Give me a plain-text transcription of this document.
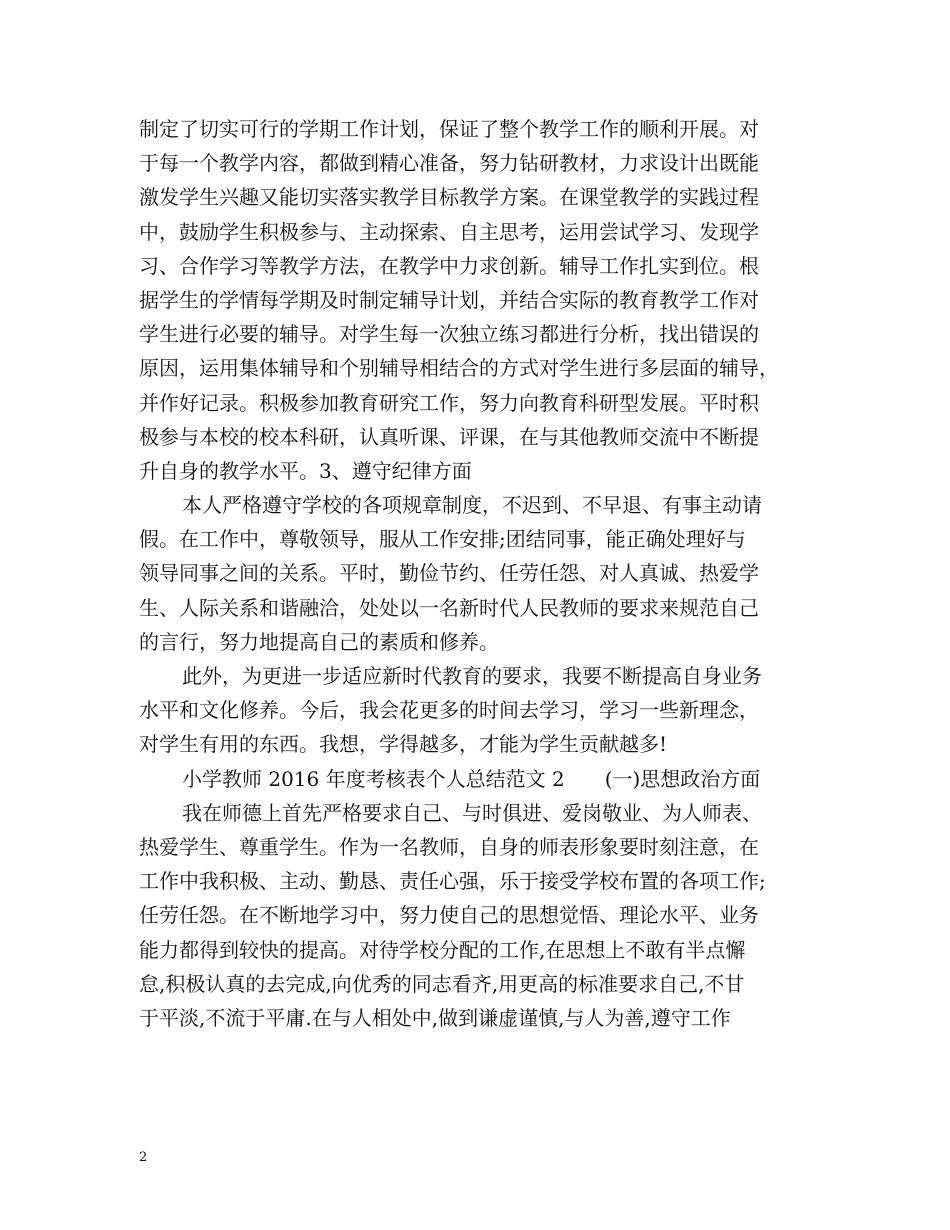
制定了切实可行的学期工作计划，保证了整个教学工作的顺利开展。对
于每一个教学内容，都做到精心准备，努力钻研教材，力求设计出既能
激发学生兴趣又能切实落实教学目标教学方案。在课堂教学的实践过程
中，鼓励学生积极参与、主动探索、自主思考，运用尝试学习、发现学
习、合作学习等教学方法，在教学中力求创新。辅导工作扎实到位。根
据学生的学情每学期及时制定辅导计划，并结合实际的教育教学工作对
学生进行必要的辅导。对学生每一次独立练习都进行分析，找出错误的
原因，运用集体辅导和个别辅导相结合的方式对学生进行多层面的辅导，
并作好记录。积极参加教育研究工作，努力向教育科研型发展。平时积
极参与本校的校本科研，认真听课、评课，在与其他教师交流中不断提
升自身的教学水平。3、遵守纪律方面
本人严格遵守学校的各项规章制度，不迟到、不早退、有事主动请
假。在工作中，尊敬领导，服从工作安排;团结同事，能正确处理好与
领导同事之间的关系。平时，勤俭节约、任劳任怨、对人真诚、热爱学
生、人际关系和谐融洽，处处以一名新时代人民教师的要求来规范自己
的言行，努力地提高自己的素质和修养。
此外，为更进一步适应新时代教育的要求，我要不断提高自身业务
水平和文化修养。今后，我会花更多的时间去学习，学习一些新理念，
对学生有用的东西。我想，学得越多，才能为学生贡献越多!
小学教师 2016 年度考核表个人总结范文 2　　(一)思想政治方面
我在师德上首先严格要求自己、与时俱进、爱岗敬业、为人师表、
热爱学生、尊重学生。作为一名教师，自身的师表形象要时刻注意，在
工作中我积极、主动、勤恳、责任心强，乐于接受学校布置的各项工作;
任劳任怨。在不断地学习中，努力使自己的思想觉悟、理论水平、业务
能力都得到较快的提高。对待学校分配的工作,在思想上不敢有半点懈
怠,积极认真的去完成,向优秀的同志看齐,用更高的标准要求自己,不甘
于平淡,不流于平庸.在与人相处中,做到谦虚谨慎,与人为善,遵守工作
2
